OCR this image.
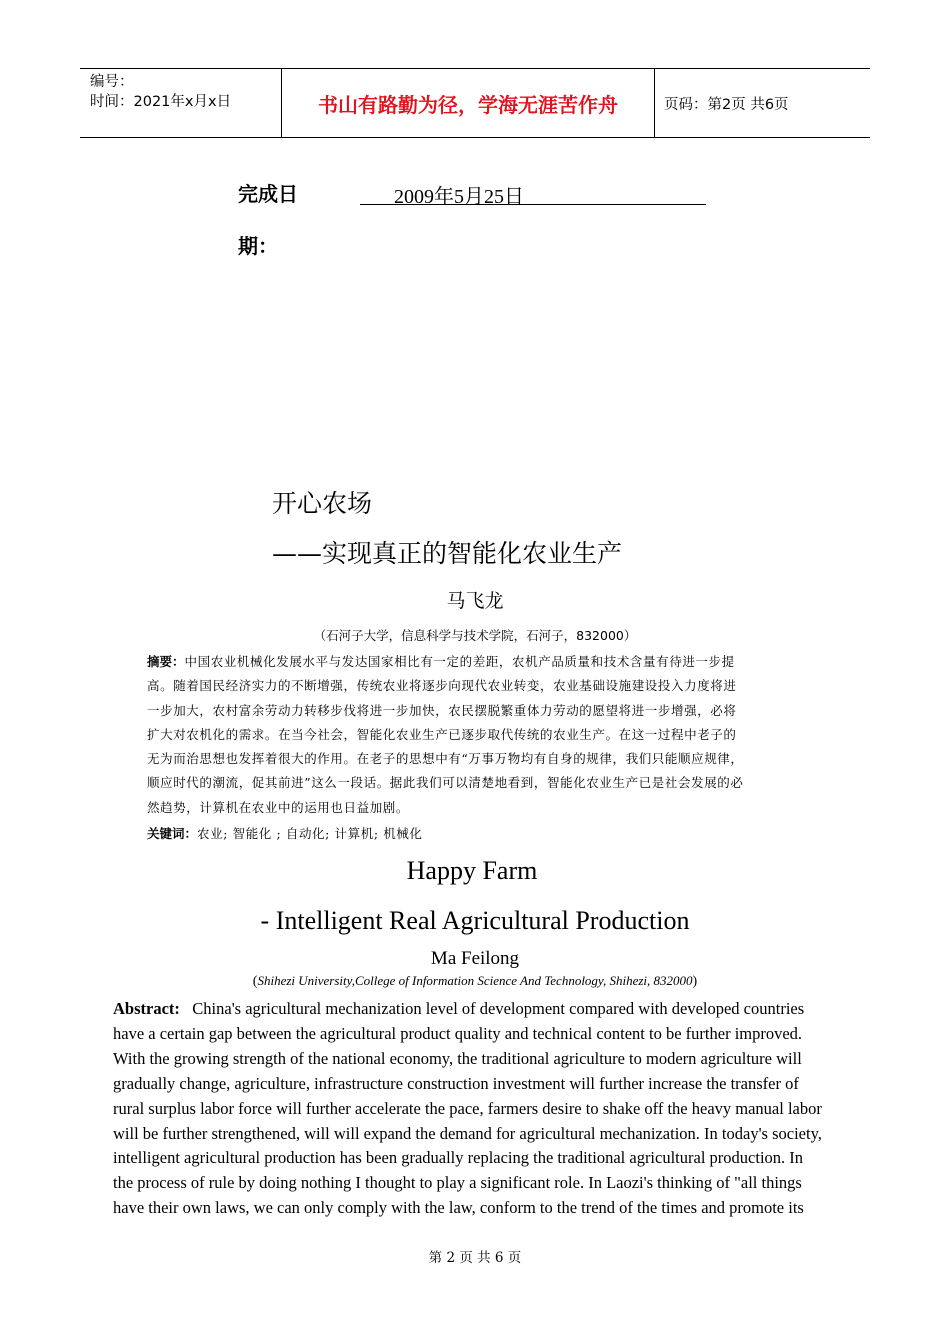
编号：
时间：2021年x月x日	书山有路勤为径，学海无涯苦作舟	页码：第2页 共6页
完成日
期：
2009年5月25日
开心农场
——实现真正的智能化农业生产
马飞龙
（石河子大学，信息科学与技术学院，石河子，832000）
摘要：中国农业机械化发展水平与发达国家相比有一定的差距，农机产品质量和技术含量有待进一步提
高。随着国民经济实力的不断增强，传统农业将逐步向现代农业转变，农业基础设施建设投入力度将进
一步加大，农村富余劳动力转移步伐将进一步加快，农民摆脱繁重体力劳动的愿望将进一步增强，必将
扩大对农机化的需求。在当今社会，智能化农业生产已逐步取代传统的农业生产。在这一过程中老子的
无为而治思想也发挥着很大的作用。在老子的思想中有“万事万物均有自身的规律，我们只能顺应规律，
顺应时代的潮流，促其前进”这么一段话。据此我们可以清楚地看到，智能化农业生产已是社会发展的必
然趋势，计算机在农业中的运用也日益加剧。
关键词：农业; 智能化 ; 自动化; 计算机; 机械化
Happy Farm
- Intelligent Real Agricultural Production
Ma Feilong
(Shihezi University,College of Information Science And Technology, Shihezi, 832000)
Abstract: China's agricultural mechanization level of development compared with developed countries
have a certain gap between the agricultural product quality and technical content to be further improved.
With the growing strength of the national economy, the traditional agriculture to modern agriculture will
gradually change, agriculture, infrastructure construction investment will further increase the transfer of
rural surplus labor force will further accelerate the pace, farmers desire to shake off the heavy manual labor
will be further strengthened, will will expand the demand for agricultural mechanization. In today's society,
intelligent agricultural production has been gradually replacing the traditional agricultural production. In
the process of rule by doing nothing I thought to play a significant role. In Laozi's thinking of "all things
have their own laws, we can only comply with the law, conform to the trend of the times and promote its
第 2 页 共 6 页
